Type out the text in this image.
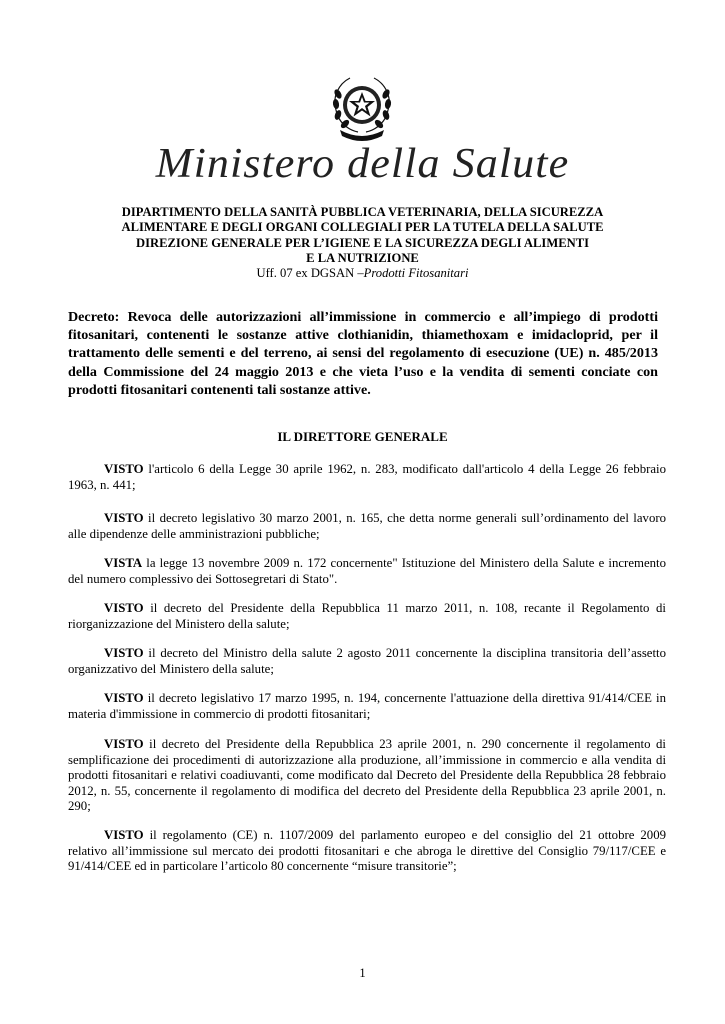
Ministero della Salute
DIPARTIMENTO DELLA SANITÀ PUBBLICA VETERINARIA, DELLA SICUREZZA
ALIMENTARE E DEGLI ORGANI COLLEGIALI PER LA TUTELA DELLA SALUTE
DIREZIONE GENERALE PER L’IGIENE E LA SICUREZZA DEGLI ALIMENTI
E LA NUTRIZIONE
Uff. 07 ex DGSAN –Prodotti Fitosanitari
Decreto: Revoca delle autorizzazioni all’immissione in commercio e all’impiego di prodotti fitosanitari, contenenti le sostanze attive clothianidin, thiamethoxam e imidacloprid, per il trattamento delle sementi e del terreno, ai sensi del regolamento di esecuzione (UE) n. 485/2013 della Commissione del 24 maggio 2013 e che vieta l’uso e la vendita di sementi conciate con prodotti fitosanitari contenenti tali sostanze attive.
IL DIRETTORE GENERALE
VISTO l'articolo 6 della Legge 30 aprile 1962, n. 283, modificato dall'articolo 4 della Legge 26 febbraio 1963, n. 441;
VISTO il decreto legislativo 30 marzo 2001, n. 165, che detta norme generali sull’ordinamento del lavoro alle dipendenze delle amministrazioni pubbliche;
VISTA la legge 13 novembre 2009 n. 172 concernente" Istituzione del Ministero della Salute e incremento del numero complessivo dei Sottosegretari di Stato".
VISTO il decreto del Presidente della Repubblica 11 marzo 2011, n. 108, recante il Regolamento di riorganizzazione del Ministero della salute;
VISTO il decreto del Ministro della salute 2 agosto 2011 concernente la disciplina transitoria dell’assetto organizzativo del Ministero della salute;
VISTO il decreto legislativo 17 marzo 1995, n. 194, concernente l'attuazione della direttiva 91/414/CEE in materia d'immissione in commercio di prodotti fitosanitari;
VISTO il decreto del Presidente della Repubblica 23 aprile 2001, n. 290 concernente il regolamento di semplificazione dei procedimenti di autorizzazione alla produzione, all’immissione in commercio e alla vendita di prodotti fitosanitari e relativi coadiuvanti, come modificato dal Decreto del Presidente della Repubblica 28 febbraio 2012, n. 55, concernente il regolamento di modifica del decreto del Presidente della Repubblica 23 aprile 2001, n. 290;
VISTO il regolamento (CE) n. 1107/2009 del parlamento europeo e del consiglio del 21 ottobre 2009 relativo all’immissione sul mercato dei prodotti fitosanitari e che abroga le direttive del Consiglio 79/117/CEE e 91/414/CEE ed in particolare l’articolo 80 concernente “misure transitorie”;
1
